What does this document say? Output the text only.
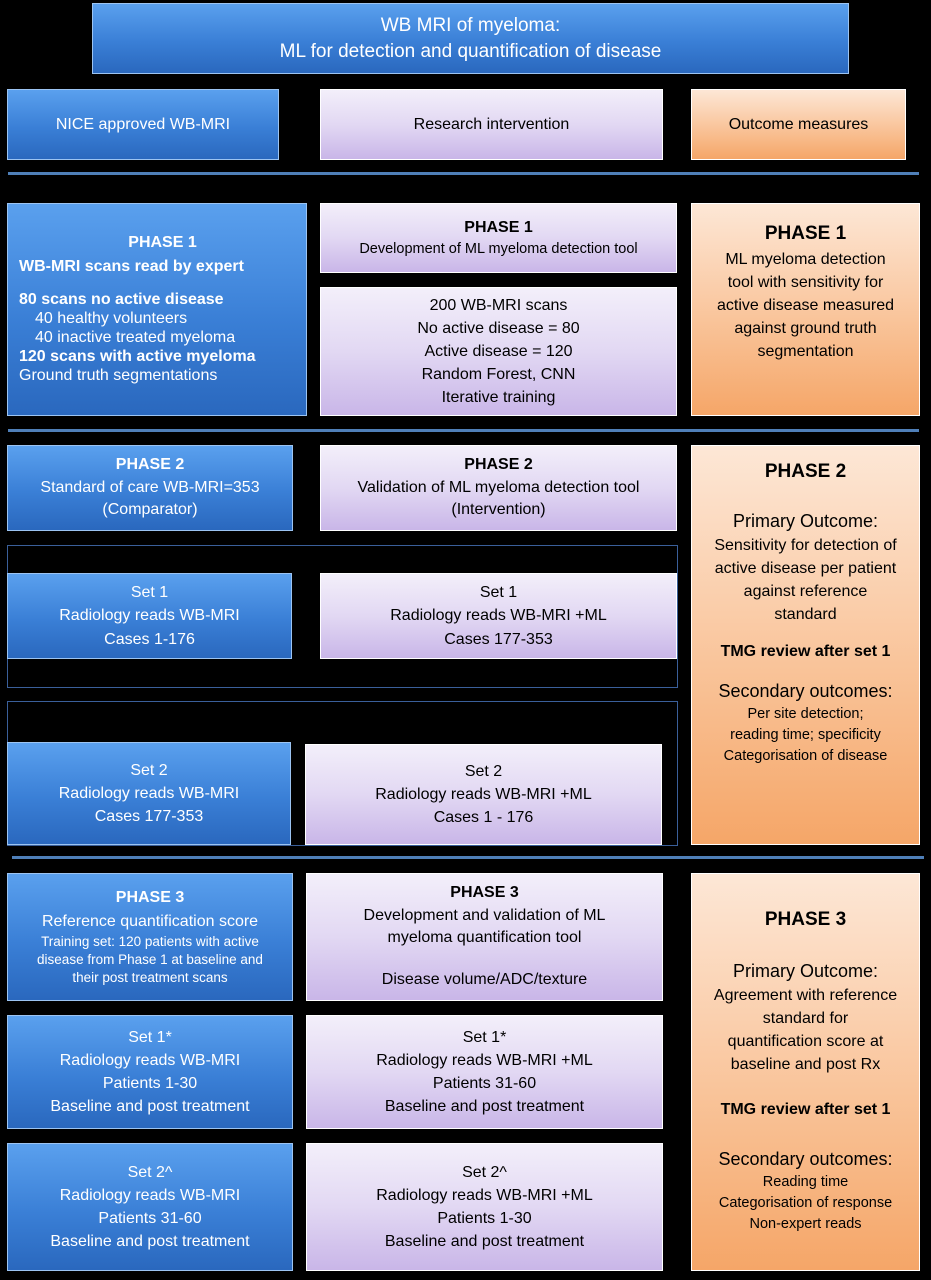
WB MRI of myeloma:
ML for detection and quantification of disease
NICE approved WB-MRI	Research intervention	Outcome measures
PHASE 1
WB-MRI scans read by expert
80 scans no active disease
40 healthy volunteers
40 inactive treated myeloma
120 scans with active myeloma
Ground truth segmentations
PHASE 1
Development of ML myeloma detection tool
200 WB-MRI scans
No active disease = 80
Active disease = 120
Random Forest, CNN
Iterative training
PHASE 1
ML myeloma detection
tool with sensitivity for
active disease measured
against ground truth
segmentation
PHASE 2
Standard of care WB-MRI=353
(Comparator)
PHASE 2
Validation of ML myeloma detection tool
(Intervention)
Set 1
Radiology reads WB-MRI
Cases 1-176
Set 1
Radiology reads WB-MRI +ML
Cases 177-353
Set 2
Radiology reads WB-MRI
Cases 177-353
Set 2
Radiology reads WB-MRI +ML
Cases 1 - 176
PHASE 2
Primary Outcome:
Sensitivity for detection of
active disease per patient
against reference
standard
TMG review after set 1
Secondary outcomes:
Per site detection;
reading time; specificity
Categorisation of disease
PHASE 3
Reference quantification score
Training set: 120 patients with active
disease from Phase 1 at baseline and
their post treatment scans
PHASE 3
Development and validation of ML
myeloma quantification tool
Disease volume/ADC/texture
Set 1*
Radiology reads WB-MRI
Patients 1-30
Baseline and post treatment
Set 1*
Radiology reads WB-MRI +ML
Patients 31-60
Baseline and post treatment
Set 2^
Radiology reads WB-MRI
Patients 31-60
Baseline and post treatment
Set 2^
Radiology reads WB-MRI +ML
Patients 1-30
Baseline and post treatment
PHASE 3
Primary Outcome:
Agreement with reference
standard for
quantification score at
baseline and post Rx
TMG review after set 1
Secondary outcomes:
Reading time
Categorisation of response
Non-expert reads
